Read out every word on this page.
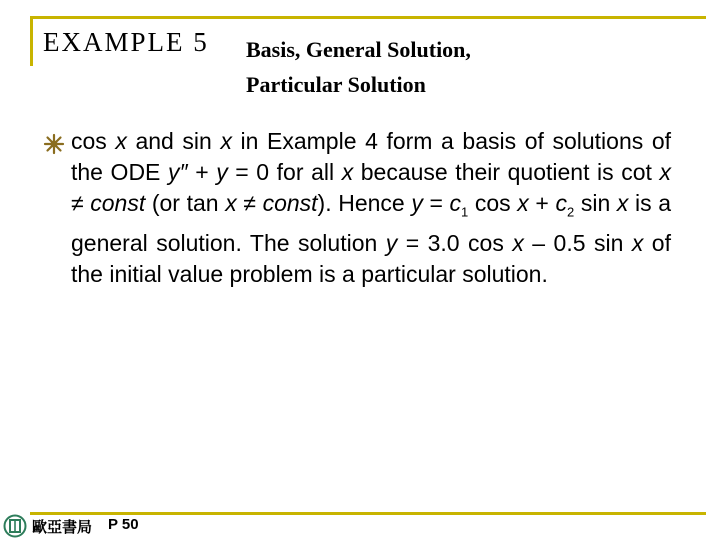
EXAMPLE 5 Basis, General Solution,
Particular Solution
cos x and sin x in Example 4 form a basis of solutions of the ODE y″ + y = 0 for all x because their quotient is cot x ≠ const (or tan x ≠ const). Hence $y = c_1$ $\cos x + c_2$ sin x is a general solution. The solution y = 3.0 cos x – 0.5 sin x of the initial value problem is a particular solution.
歐亞書局 P 50
